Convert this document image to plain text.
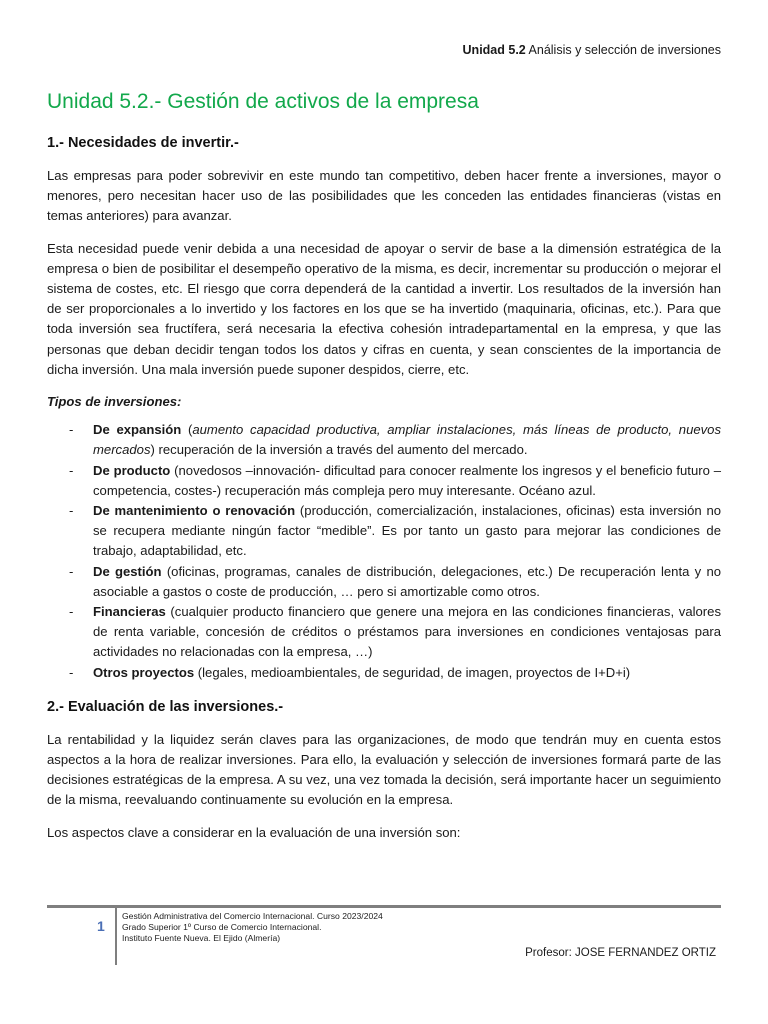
Unidad 5.2 Análisis y selección de inversiones
Unidad 5.2.- Gestión de activos de la empresa
1.- Necesidades de invertir.-

Las empresas para poder sobrevivir en este mundo tan competitivo, deben hacer frente a inversiones, mayor o menores, pero necesitan hacer uso de las posibilidades que les conceden las entidades financieras (vistas en temas anteriores) para avanzar.

Esta necesidad puede venir debida a una necesidad de apoyar o servir de base a la dimensión estratégica de la empresa o bien de posibilitar el desempeño operativo de la misma, es decir, incrementar su producción o mejorar el sistema de costes, etc. El riesgo que corra dependerá de la cantidad a invertir. Los resultados de la inversión han de ser proporcionales a lo invertido y los factores en los que se ha invertido (maquinaria, oficinas, etc.). Para que toda inversión sea fructífera, será necesaria la efectiva cohesión intradepartamental en la empresa, y que las personas que deban decidir tengan todos los datos y cifras en cuenta, y sean conscientes de la importancia de dicha inversión. Una mala inversión puede suponer despidos, cierre, etc.

Tipos de inversiones:

- De expansión (aumento capacidad productiva, ampliar instalaciones, más líneas de producto, nuevos mercados) recuperación de la inversión a través del aumento del mercado.
- De producto (novedosos –innovación- dificultad para conocer realmente los ingresos y el beneficio futuro –competencia, costes-) recuperación más compleja pero muy interesante. Océano azul.
- De mantenimiento o renovación (producción, comercialización, instalaciones, oficinas) esta inversión no se recupera mediante ningún factor “medible”. Es por tanto un gasto para mejorar las condiciones de trabajo, adaptabilidad, etc.
- De gestión (oficinas, programas, canales de distribución, delegaciones, etc.) De recuperación lenta y no asociable a gastos o coste de producción, … pero si amortizable como otros.
- Financieras (cualquier producto financiero que genere una mejora en las condiciones financieras, valores de renta variable, concesión de créditos o préstamos para inversiones en condiciones ventajosas para actividades no relacionadas con la empresa, …)
- Otros proyectos (legales, medioambientales, de seguridad, de imagen, proyectos de I+D+i)
2.- Evaluación de las inversiones.-

La rentabilidad y la liquidez serán claves para las organizaciones, de modo que tendrán muy en cuenta estos aspectos a la hora de realizar inversiones. Para ello, la evaluación y selección de inversiones formará parte de las decisiones estratégicas de la empresa. A su vez, una vez tomada la decisión, será importante hacer un seguimiento de la misma, reevaluando continuamente su evolución en la empresa.

Los aspectos clave a considerar en la evaluación de una inversión son:

1
Gestión Administrativa del Comercio Internacional. Curso 2023/2024
Grado Superior 1º Curso de Comercio Internacional.
Instituto Fuente Nueva. El Ejido (Almería)
Profesor: JOSE FERNANDEZ ORTIZ
